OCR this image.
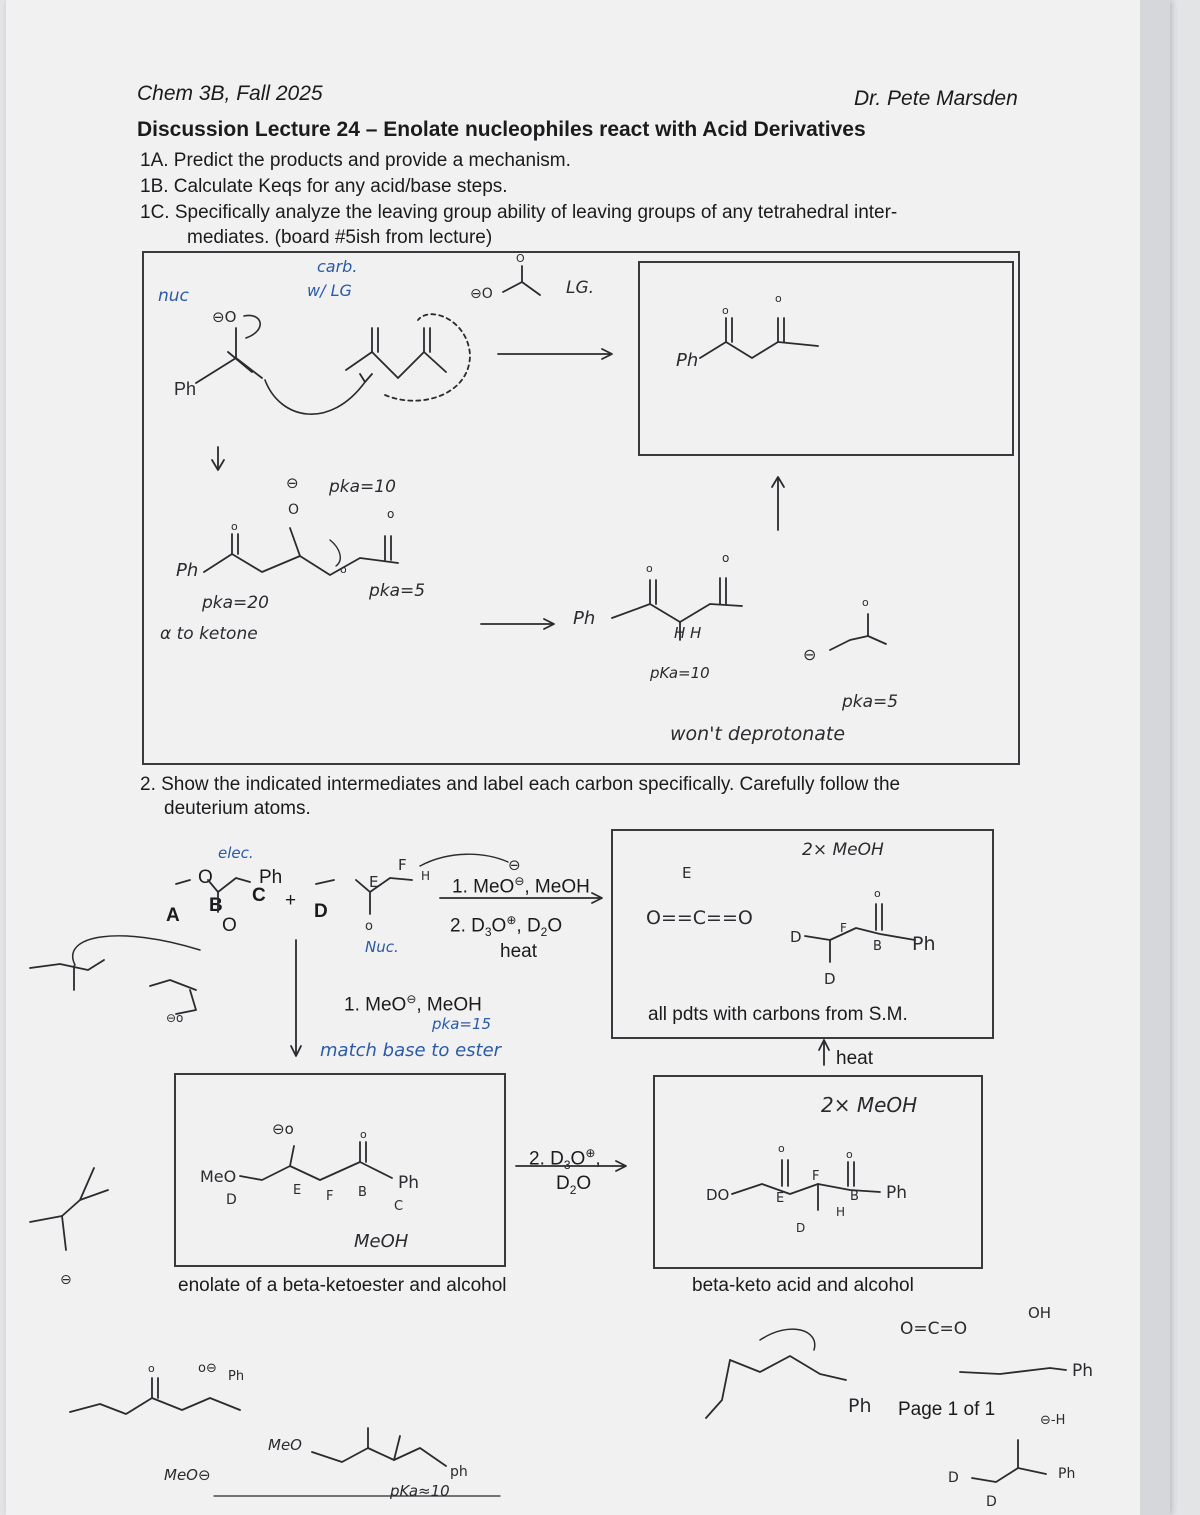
Chem 3B, Fall 2025	Dr. Pete Marsden
Discussion Lecture 24 – Enolate nucleophiles react with Acid Derivatives
1A. Predict the products and provide a mechanism.
1B. Calculate Keqs for any acid/base steps.
1C. Specifically analyze the leaving group ability of leaving groups of any tetrahedral inter-
mediates. (board #5ish from lecture)
nuc
carb.
w/ LG	LG.
Ph
Ph
pka=10
Ph
pka=20
α to ketone
pka=5
Ph
H H
pKa=10
pka=5
won't deprotonate
2. Show the indicated intermediates and label each carbon specifically. Carefully follow the
deuterium atoms.
A B C
Ph
O
O
+
D
elec.
Nuc.
1. MeO⊖, MeOH
2. $D_3O^\oplus$, $D_2O$
heat
1. MeO⊖, MeOH
pka=15
match base to ester
2. $D_3O^\oplus$,
$D_2O$
2× MeOH
all pdts with carbons from S.M.
heat
MeOH
enolate of a beta-ketoester and alcohol
2× MeOH
beta-keto acid and alcohol
pKa≈10
MeO⊖
MeO
Page 1 of 1
⊖O
⊖O
O
o
o
o
⊖
O
o
o
o
o
⊖
o
o
E
F
H
⊖
⊖o
⊖
O==C==O
E
D
D
F
B
o
Ph
MeO
D
⊖o	o
E F B Ph
C
DO
o	o
E
F
H
D
B Ph
o	o⊖
Ph
ph
Ph
O=C=O
OH
Ph
⊖-H
D
D
Ph
